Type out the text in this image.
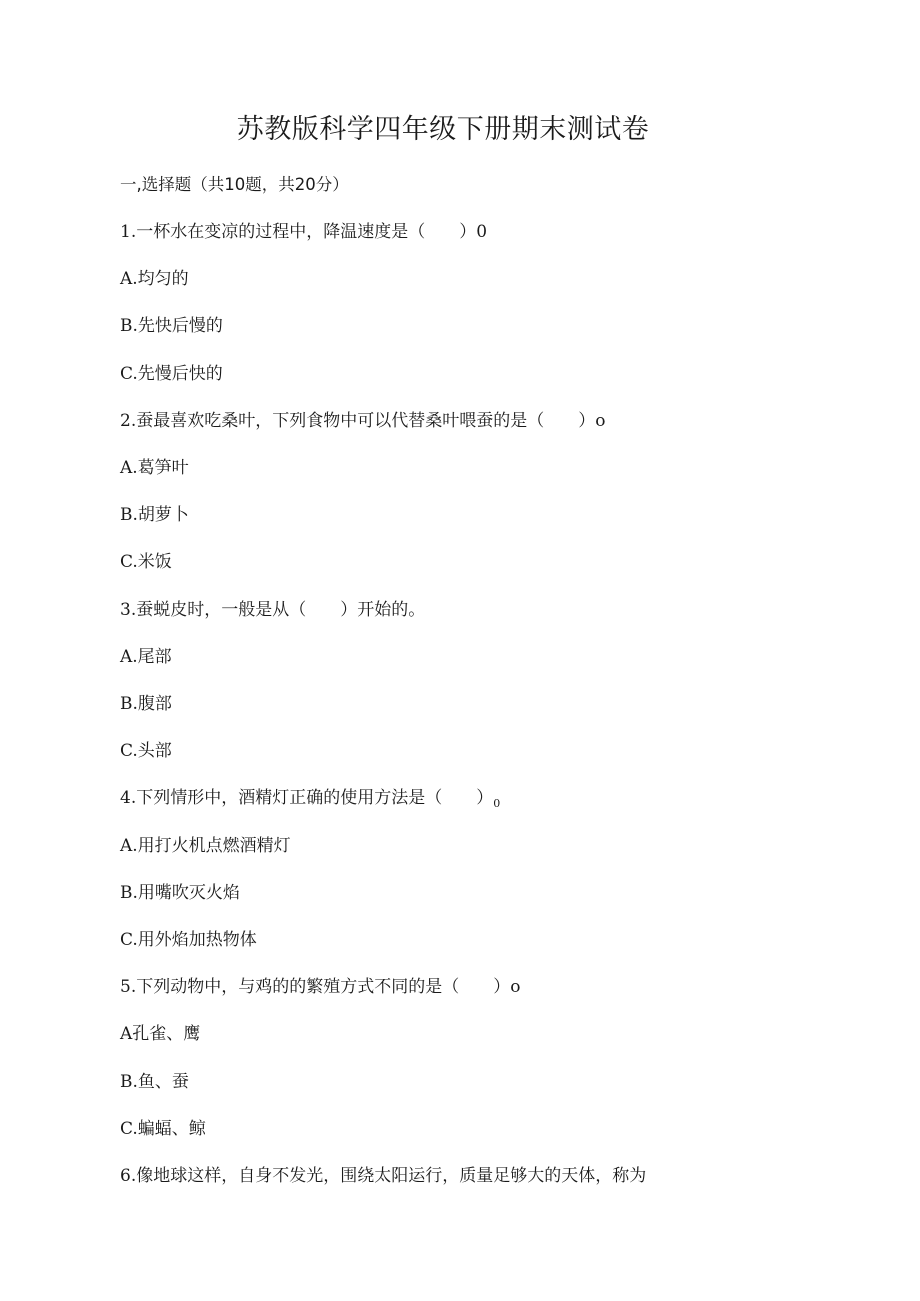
苏教版科学四年级下册期末测试卷
一,选择题（共10题，共20分）
1.一杯水在变凉的过程中，降温速度是（　　）0
A.均匀的
B.先快后慢的
C.先慢后快的
2.蚕最喜欢吃桑叶，下列食物中可以代替桑叶喂蚕的是（　　）o
A.葛笋叶
B.胡萝卜
C.米饭
3.蚕蜕皮时，一般是从（　　）开始的。
A.尾部
B.腹部
C.头部
4.下列情形中，酒精灯正确的使用方法是（　　）$_0$
A.用打火机点燃酒精灯
B.用嘴吹灭火焰
C.用外焰加热物体
5.下列动物中，与鸡的的繁殖方式不同的是（　　）o
A孔雀、鹰
B.鱼、蚕
C.蝙蝠、鲸
6.像地球这样，自身不发光，围绕太阳运行，质量足够大的天体，称为
